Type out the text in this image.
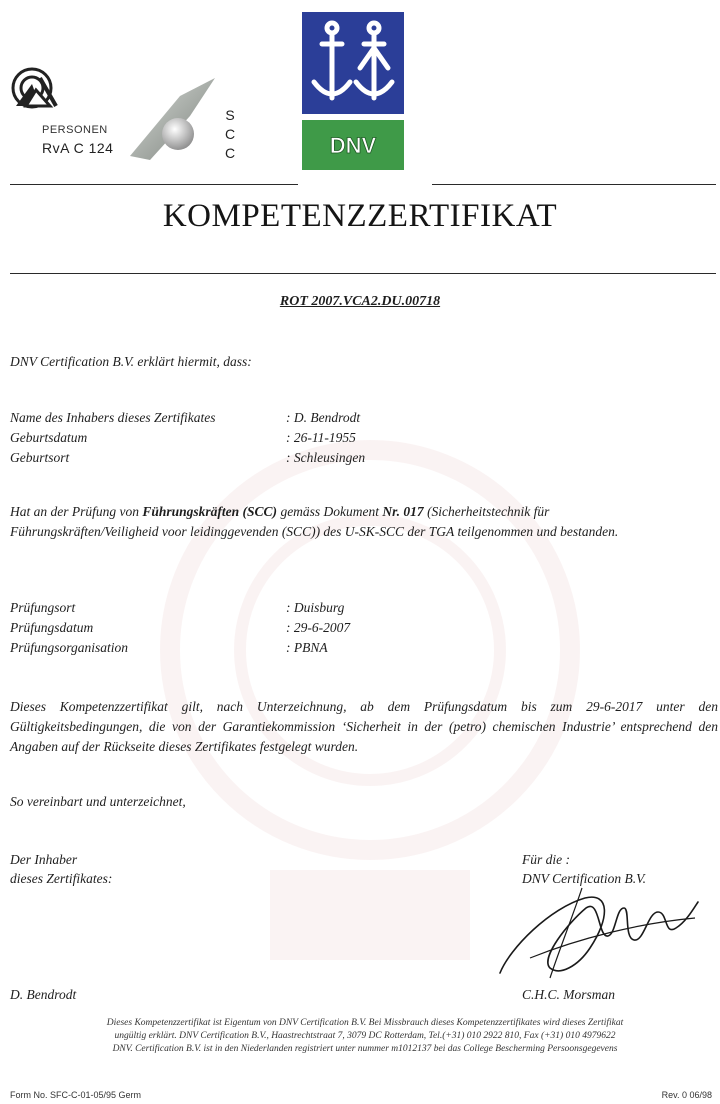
PERSONEN
RvA C 124
S
C
C	DNV
KOMPETENZZERTIFIKAT
ROT 2007.VCA2.DU.00718
DNV Certification B.V. erklärt hiermit, dass:
Name des Inhabers dieses Zertifikates	: D. Bendrodt
Geburtsdatum	: 26-11-1955
Geburtsort	: Schleusingen
Hat an der Prüfung von Führungskräften (SCC) gemäss Dokument Nr. 017 (Sicherheitstechnik für Führungskräften/Veiligheid voor leidinggevenden (SCC)) des U-SK-SCC der TGA teilgenommen und bestanden.
Prüfungsort	: Duisburg
Prüfungsdatum	: 29-6-2007
Prüfungsorganisation	: PBNA
Dieses Kompetenzzertifikat gilt, nach Unterzeichnung, ab dem Prüfungsdatum bis zum 29-6-2017 unter den Gültigkeitsbedingungen, die von der Garantiekommission ‘Sicherheit in der (petro) chemischen Industrie’ entsprechend den Angaben auf der Rückseite dieses Zertifikates festgelegt wurden.
So vereinbart und unterzeichnet,
Der Inhaber
dieses Zertifikates:
Für die :
DNV Certification B.V.
D. Bendrodt	C.H.C. Morsman
Dieses Kompetenzzertifikat ist Eigentum von DNV Certification B.V. Bei Missbrauch dieses Kompetenzzertifikates wird dieses Zertifikat
ungültig erklärt. DNV Certification B.V., Haastrechtstraat 7, 3079 DC Rotterdam, Tel.(+31) 010 2922 810, Fax (+31) 010 4979622
DNV. Certification B.V. ist in den Niederlanden registriert unter nummer m1012137 bei das College Bescherming Persoonsgegevens
Form No. SFC-C-01-05/95 Germ	Rev. 0 06/98
